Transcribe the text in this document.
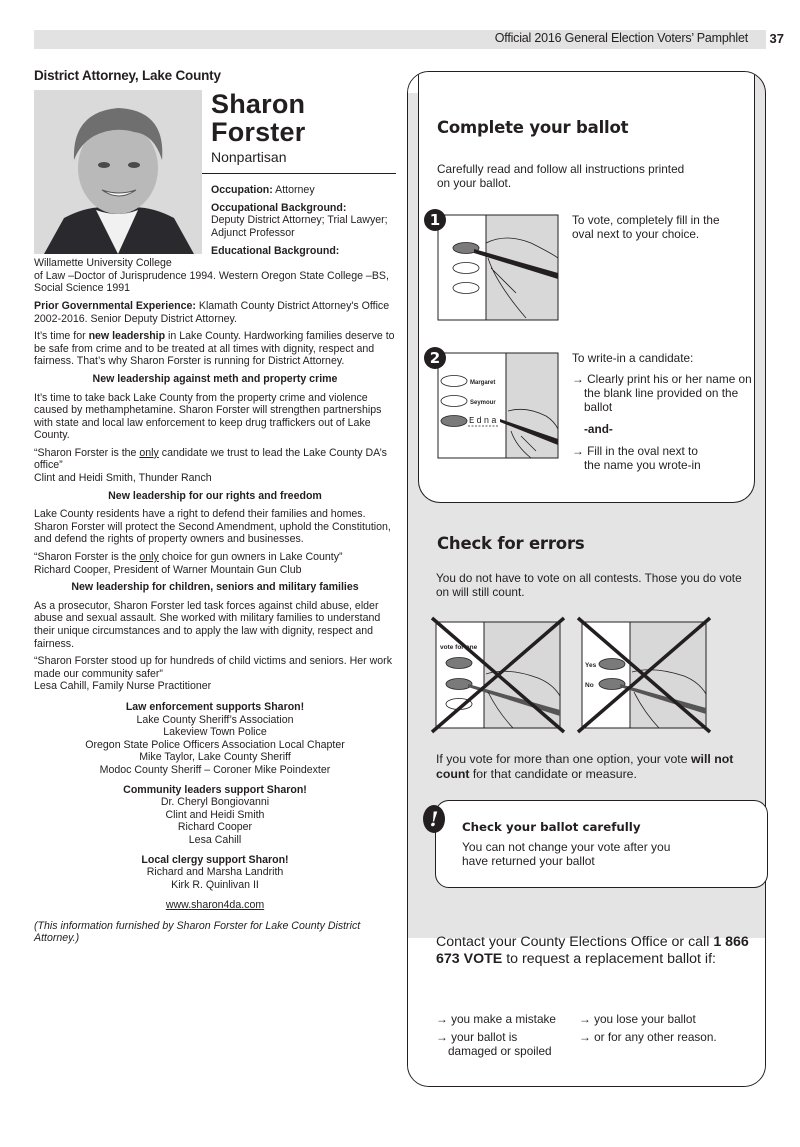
Official 2016 General Election Voters’ Pamphlet 37
District Attorney, Lake County
Sharon
Forster
Nonpartisan

Occupation: Attorney

Occupational Background:
Deputy District Attorney; Trial Lawyer; Adjunct Professor

Educational Background:
Willamette University College

of Law –Doctor of Jurisprudence 1994. Western Oregon State College –BS, Social Science 1991

Prior Governmental Experience: Klamath County District Attorney's Office 2002-2016. Senior Deputy District Attorney.

It’s time for new leadership in Lake County. Hardworking families deserve to be safe from crime and to be treated at all times with dignity, respect and fairness. That’s why Sharon Forster is running for District Attorney.

New leadership against meth and property crime

It’s time to take back Lake County from the property crime and violence caused by methamphetamine. Sharon Forster will strengthen partnerships with state and local law enforcement to keep drug traffickers out of Lake County.

“Sharon Forster is the only candidate we trust to lead the Lake County DA’s office”
Clint and Heidi Smith, Thunder Ranch

New leadership for our rights and freedom

Lake County residents have a right to defend their families and homes. Sharon Forster will protect the Second Amendment, uphold the Constitution, and defend the rights of property owners and businesses.

“Sharon Forster is the only choice for gun owners in Lake County”
Richard Cooper, President of Warner Mountain Gun Club

New leadership for children, seniors and military families

As a prosecutor, Sharon Forster led task forces against child abuse, elder abuse and sexual assault. She worked with military families to understand their unique circumstances and to apply the law with dignity, respect and fairness.

“Sharon Forster stood up for hundreds of child victims and seniors. Her work made our community safer”
Lesa Cahill, Family Nurse Practitioner

Law enforcement supports Sharon!
Lake County Sheriff’s Association
Lakeview Town Police
Oregon State Police Officers Association Local Chapter
Mike Taylor, Lake County Sheriff
Modoc County Sheriff – Coroner Mike Poindexter
Community leaders support Sharon!
Dr. Cheryl Bongiovanni
Clint and Heidi Smith
Richard Cooper
Lesa Cahill
Local clergy support Sharon!
Richard and Marsha Landrith
Kirk R. Quinlivan II
www.sharon4da.com

(This information furnished by Sharon Forster for Lake County District Attorney.)

Complete your ballot
Carefully read and follow all instructions printed on your ballot.
1	To vote, completely fill in the oval next to your choice.
Margaret
Seymour
Edna
2	To write-in a candidate:
→ Clearly print his or her name on the blank line provided on the ballot
-and-
→ Fill in the oval next to the name you wrote-in
Check for errors
You do not have to vote on all contests. Those you do vote on will still count.
vote for one
Yes
No
If you vote for more than one option, your vote will not count for that candidate or measure.
!	Check your ballot carefully
You can not change your vote after you have returned your ballot
Contact your County Elections Office or call 1 866 673 VOTE to request a replacement ballot if:
→ you make a mistake	→ you lose your ballot
→ your ballot is damaged or spoiled
→ or for any other reason.
